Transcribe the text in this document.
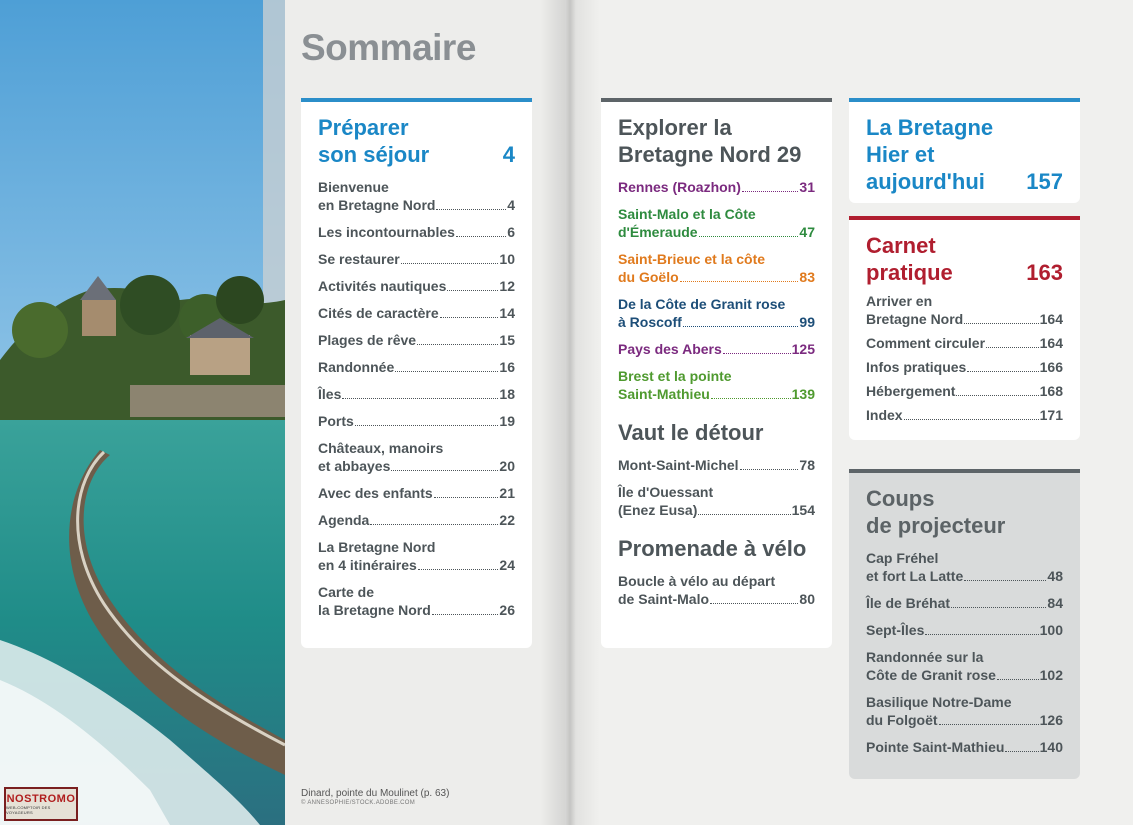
NOSTROMO
WEB-COMPTOIR DES VOYAGEURS
Sommaire
Préparer
son séjour	4
Bienvenue
en Bretagne Nord	4
Les incontournables	6
Se restaurer	10
Activités nautiques	12
Cités de caractère	14
Plages de rêve	15
Randonnée	16
Îles	18
Ports	19
Châteaux, manoirs
et abbayes	20
Avec des enfants	21
Agenda	22
La Bretagne Nord
en 4 itinéraires	24
Carte de
la Bretagne Nord	26
Explorer la
Bretagne Nord 29
Rennes (Roazhon)	31
Saint-Malo et la Côte
d'Émeraude	47
Saint-Brieuc et la côte
du Goëlo	83
De la Côte de Granit rose
à Roscoff	99
Pays des Abers	125
Brest et la pointe
Saint-Mathieu	139
Vaut le détour
Mont-Saint-Michel	78
Île d'Ouessant
(Enez Eusa)	154
Promenade à vélo
Boucle à vélo au départ
de Saint-Malo	80
La Bretagne
Hier et
aujourd'hui	157
Carnet
pratique	163
Arriver en
Bretagne Nord	164
Comment circuler	164
Infos pratiques	166
Hébergement	168
Index	171
Coups
de projecteur
Cap Fréhel
et fort La Latte	48
Île de Bréhat	84
Sept-Îles	100
Randonnée sur la
Côte de Granit rose	102
Basilique Notre-Dame
du Folgoët	126
Pointe Saint-Mathieu	140
Dinard, pointe du Moulinet (p. 63)
© ANNESOPHIE/STOCK.ADOBE.COM
